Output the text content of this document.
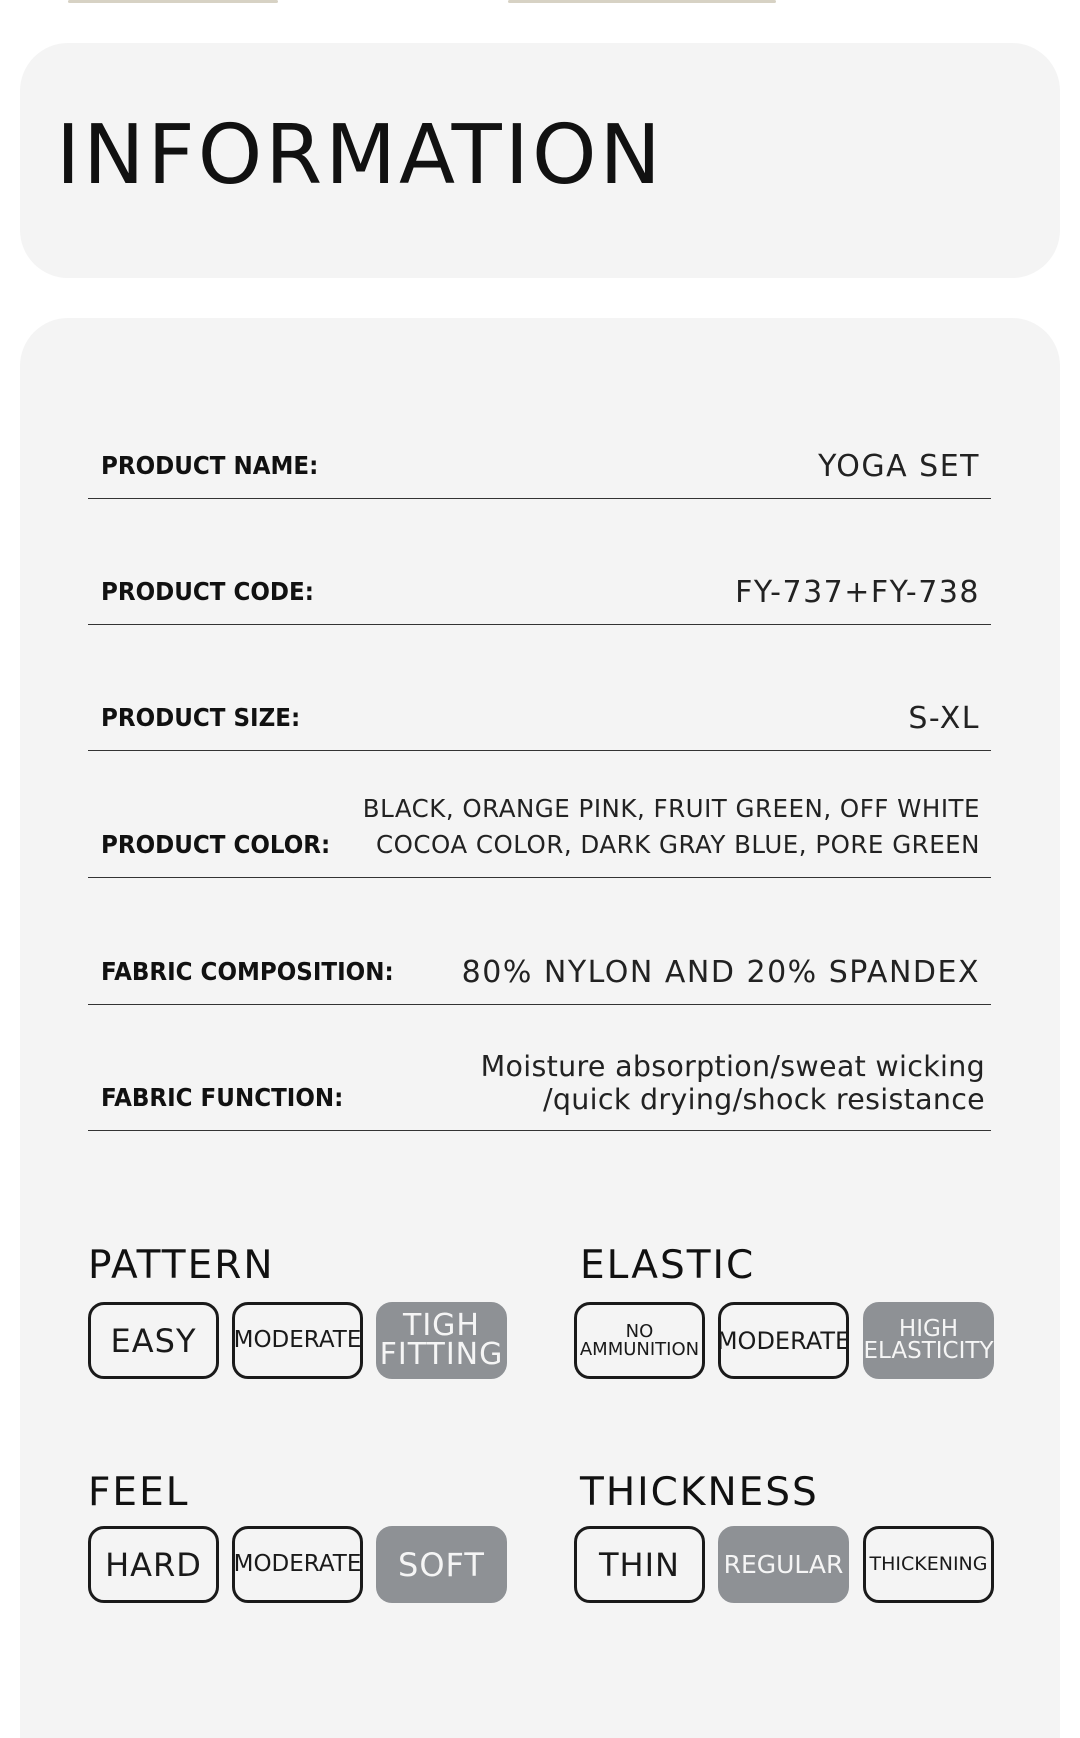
INFORMATION
PRODUCT NAME:	YOGA SET
PRODUCT CODE:	FY-737+FY-738
PRODUCT SIZE:	S-XL
PRODUCT COLOR:
BLACK, ORANGE PINK, FRUIT GREEN, OFF WHITE
COCOA COLOR, DARK GRAY BLUE, PORE GREEN
FABRIC COMPOSITION: 80% NYLON AND 20% SPANDEX
FABRIC FUNCTION:
Moisture absorption/sweat wicking
/quick drying/shock resistance
PATTERN
EASY MODERATE	TIGH
FITTING
ELASTIC
NO
AMMUNITION MODERATE	HIGH
ELASTICITY
FEEL
HARD MODERATE SOFT
THICKNESS
THIN REGULAR THICKENING
